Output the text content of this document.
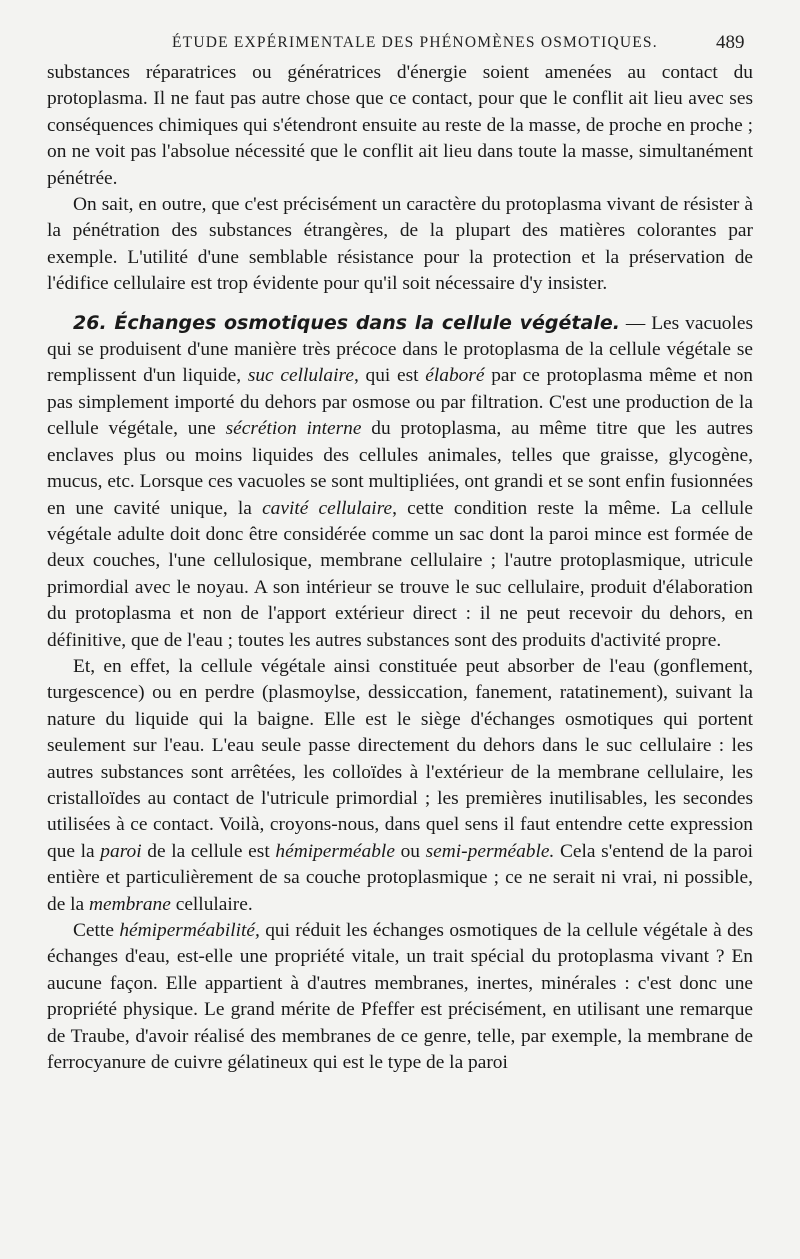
ÉTUDE EXPÉRIMENTALE DES PHÉNOMÈNES OSMOTIQUES.	489

substances réparatrices ou génératrices d'énergie soient amenées au contact du protoplasma. Il ne faut pas autre chose que ce contact, pour que le conflit ait lieu avec ses conséquences chimiques qui s'étendront ensuite au reste de la masse, de proche en proche ; on ne voit pas l'absolue nécessité que le conflit ait lieu dans toute la masse, simultanément pénétrée.

On sait, en outre, que c'est précisément un caractère du protoplasma vivant de résister à la pénétration des substances étrangères, de la plupart des matières colorantes par exemple. L'utilité d'une semblable résistance pour la protection et la préservation de l'édifice cellulaire est trop évidente pour qu'il soit nécessaire d'y insister.

26. Échanges osmotiques dans la cellule végétale. — Les vacuoles qui se produisent d'une manière très précoce dans le protoplasma de la cellule végétale se remplissent d'un liquide, suc cellulaire, qui est élaboré par ce protoplasma même et non pas simplement importé du dehors par osmose ou par filtration. C'est une production de la cellule végétale, une sécrétion interne du protoplasma, au même titre que les autres enclaves plus ou moins liquides des cellules animales, telles que graisse, glycogène, mucus, etc. Lorsque ces vacuoles se sont multipliées, ont grandi et se sont enfin fusionnées en une cavité unique, la cavité cellulaire, cette condition reste la même. La cellule végétale adulte doit donc être considérée comme un sac dont la paroi mince est formée de deux couches, l'une cellulosique, membrane cellulaire ; l'autre protoplasmique, utricule primordial avec le noyau. A son intérieur se trouve le suc cellulaire, produit d'élaboration du protoplasma et non de l'apport extérieur direct : il ne peut recevoir du dehors, en définitive, que de l'eau ; toutes les autres substances sont des produits d'activité propre.

Et, en effet, la cellule végétale ainsi constituée peut absorber de l'eau (gonflement, turgescence) ou en perdre (plasmoylse, dessiccation, fanement, ratatinement), suivant la nature du liquide qui la baigne. Elle est le siège d'échanges osmotiques qui portent seulement sur l'eau. L'eau seule passe directement du dehors dans le suc cellulaire : les autres substances sont arrêtées, les colloïdes à l'extérieur de la membrane cellulaire, les cristalloïdes au contact de l'utricule primordial ; les premières inutilisables, les secondes utilisées à ce contact. Voilà, croyons-nous, dans quel sens il faut entendre cette expression que la paroi de la cellule est hémiperméable ou semi-perméable. Cela s'entend de la paroi entière et particulièrement de sa couche protoplasmique ; ce ne serait ni vrai, ni possible, de la membrane cellulaire.

Cette hémiperméabilité, qui réduit les échanges osmotiques de la cellule végétale à des échanges d'eau, est-elle une propriété vitale, un trait spécial du protoplasma vivant ? En aucune façon. Elle appartient à d'autres membranes, inertes, minérales : c'est donc une propriété physique. Le grand mérite de Pfeffer est précisément, en utilisant une remarque de Traube, d'avoir réalisé des membranes de ce genre, telle, par exemple, la membrane de ferrocyanure de cuivre gélatineux qui est le type de la paroi
